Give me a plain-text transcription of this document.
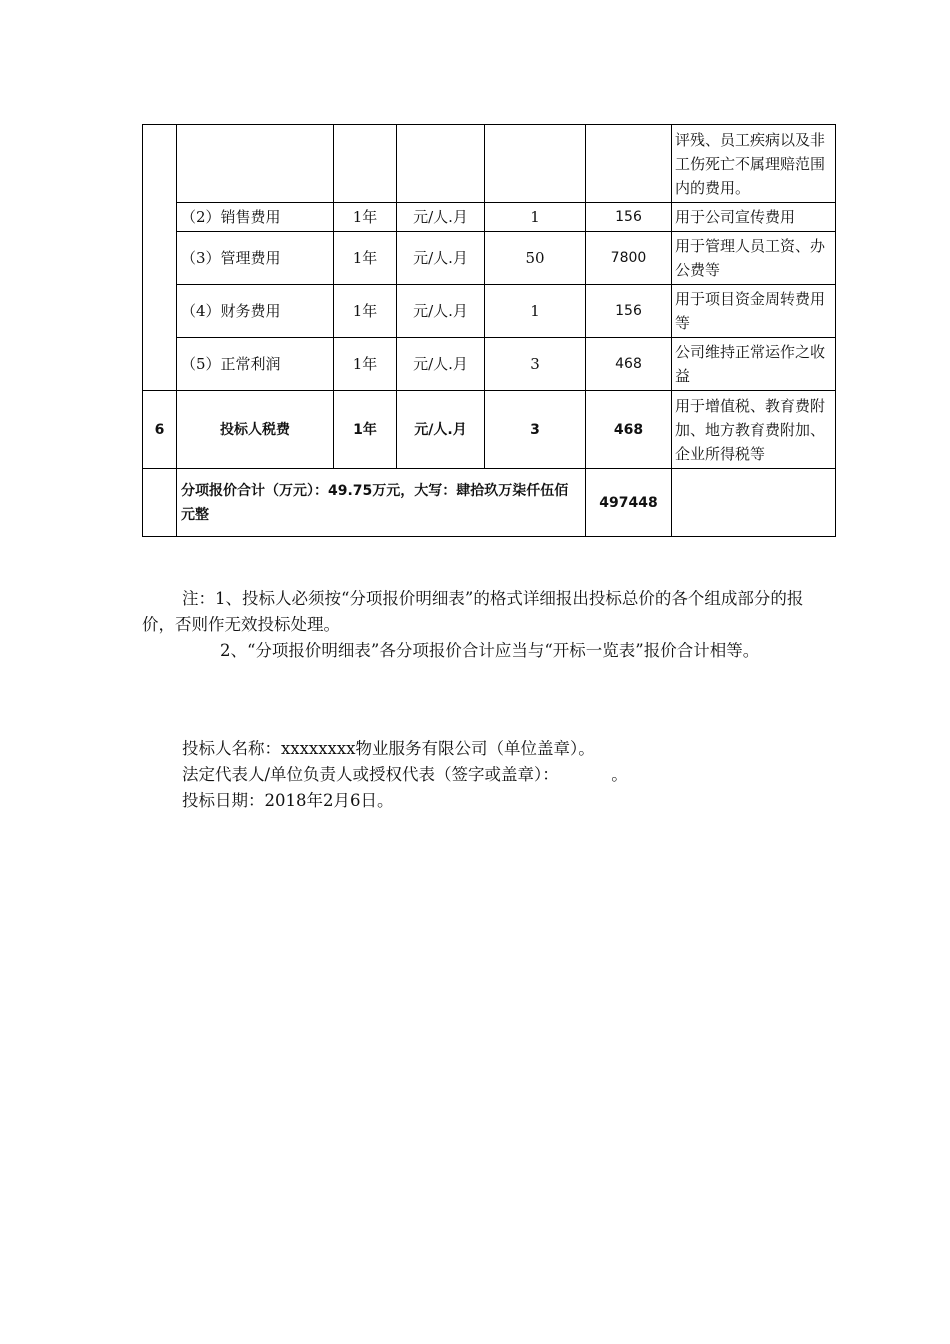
						评残、员工疾病以及非工伤死亡不属理赔范围内的费用。
	（2）销售费用	1年	元/人.月	1	156	用于公司宣传费用
	（3）管理费用	1年	元/人.月	50	7800	用于管理人员工资、办公费等
	（4）财务费用	1年	元/人.月	1	156	用于项目资金周转费用等
	（5）正常利润	1年	元/人.月	3	468	公司维持正常运作之收益
6	投标人税费	1年	元/人.月	3	468	用于增值税、教育费附加、地方教育费附加、企业所得税等
	分项报价合计（万元）：49.75万元，大写：肆拾玖万柒仟伍佰元整				497448	

注：1、投标人必须按“分项报价明细表”的格式详细报出投标总价的各个组成部分的报价，否则作无效投标处理。

2、“分项报价明细表”各分项报价合计应当与“开标一览表”报价合计相等。

投标人名称：xxxxxxxx物业服务有限公司（单位盖章）。

法定代表人/单位负责人或授权代表（签字或盖章）：          。

投标日期：2018年2月6日。
